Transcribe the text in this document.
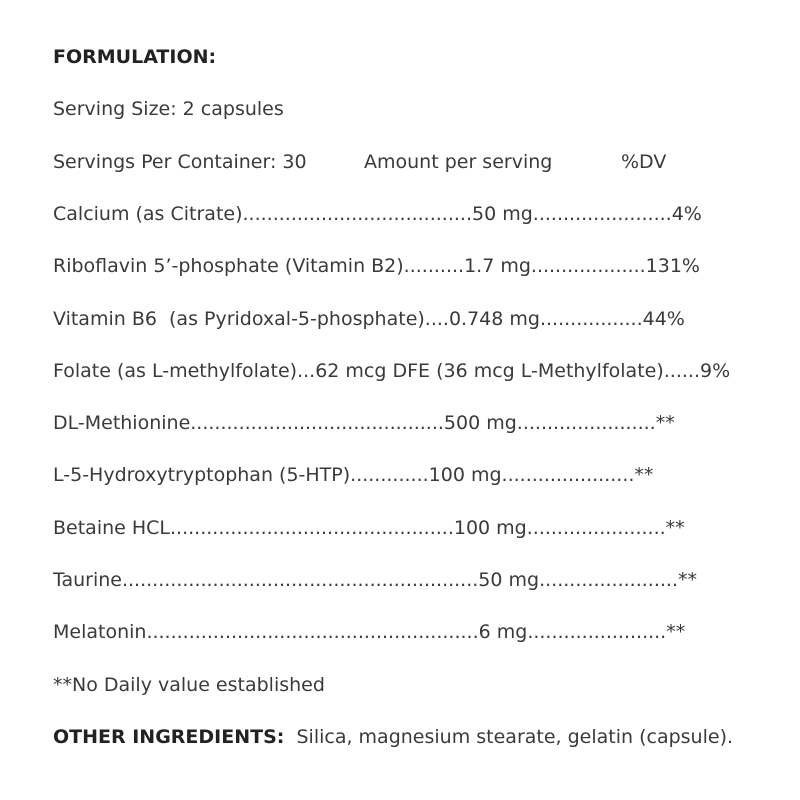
FORMULATION:
Serving Size: 2 capsules

Servings Per Container: 30

	Amount per serving

	%DV

Calcium (as Citrate)......................................50 mg.......................4%
Riboflavin 5’-phosphate (Vitamin B2)..........1.7 mg...................131%
Vitamin B6  (as Pyridoxal-5-phosphate)....0.748 mg.................44%
Folate (as L-methylfolate)...62 mcg DFE (36 mcg L-Methylfolate)......9%
DL-Methionine..........................................500 mg.......................**
L-5-Hydroxytryptophan (5-HTP).............100 mg......................**
Betaine HCL...............................................100 mg.......................**
Taurine...........................................................50 mg.......................**
Melatonin.......................................................6 mg.......................**
**No Daily value established
OTHER INGREDIENTS: Silica, magnesium stearate, gelatin (capsule).
